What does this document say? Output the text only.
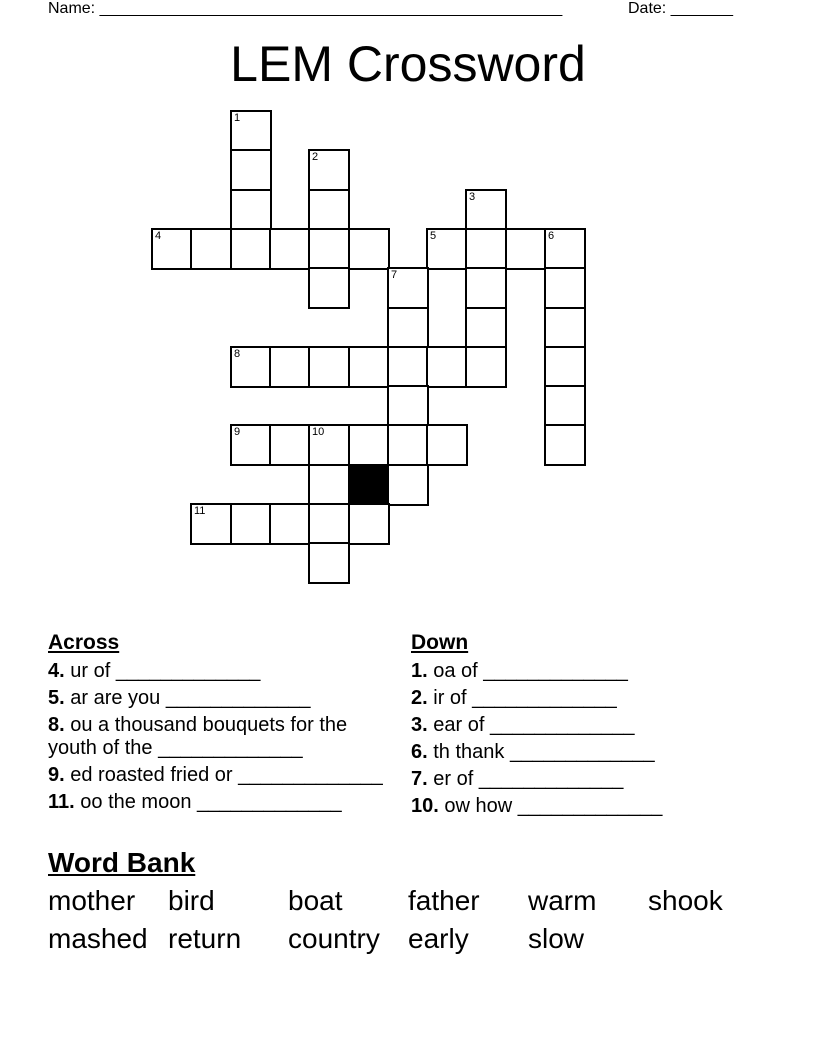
Name: ____________________________________________________	Date: _______
LEM Crossword
1
2
3
4	5	6
7
8
9	10
11
Across
4. ur of _____________
5. ar are you _____________
8. ou a thousand bouquets for the youth of the _____________
9. ed roasted fried or _____________
11. oo the moon _____________
Down
1. oa of _____________
2. ir of _____________
3. ear of _____________
6. th thank _____________
7. er of _____________
10. ow how _____________
Word Bank
mother bird	boat father warm shook
mashed return country early slow
